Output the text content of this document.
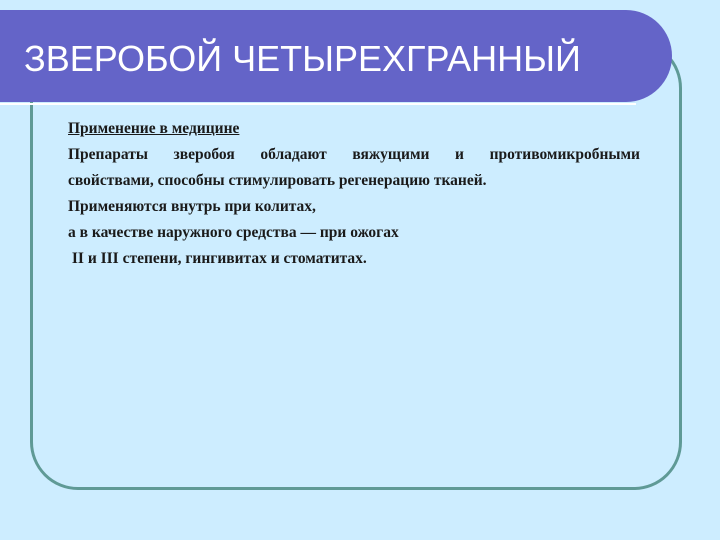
ЗВЕРОБОЙ ЧЕТЫРЕХГРАННЫЙ
Применение в медицине
Препараты зверобоя обладают вяжущими и противомикробными
свойствами, способны стимулировать регенерацию тканей.
Применяются внутрь при колитах,
а в качестве наружного средства — при ожогах
II и III степени, гингивитах и стоматитах.
